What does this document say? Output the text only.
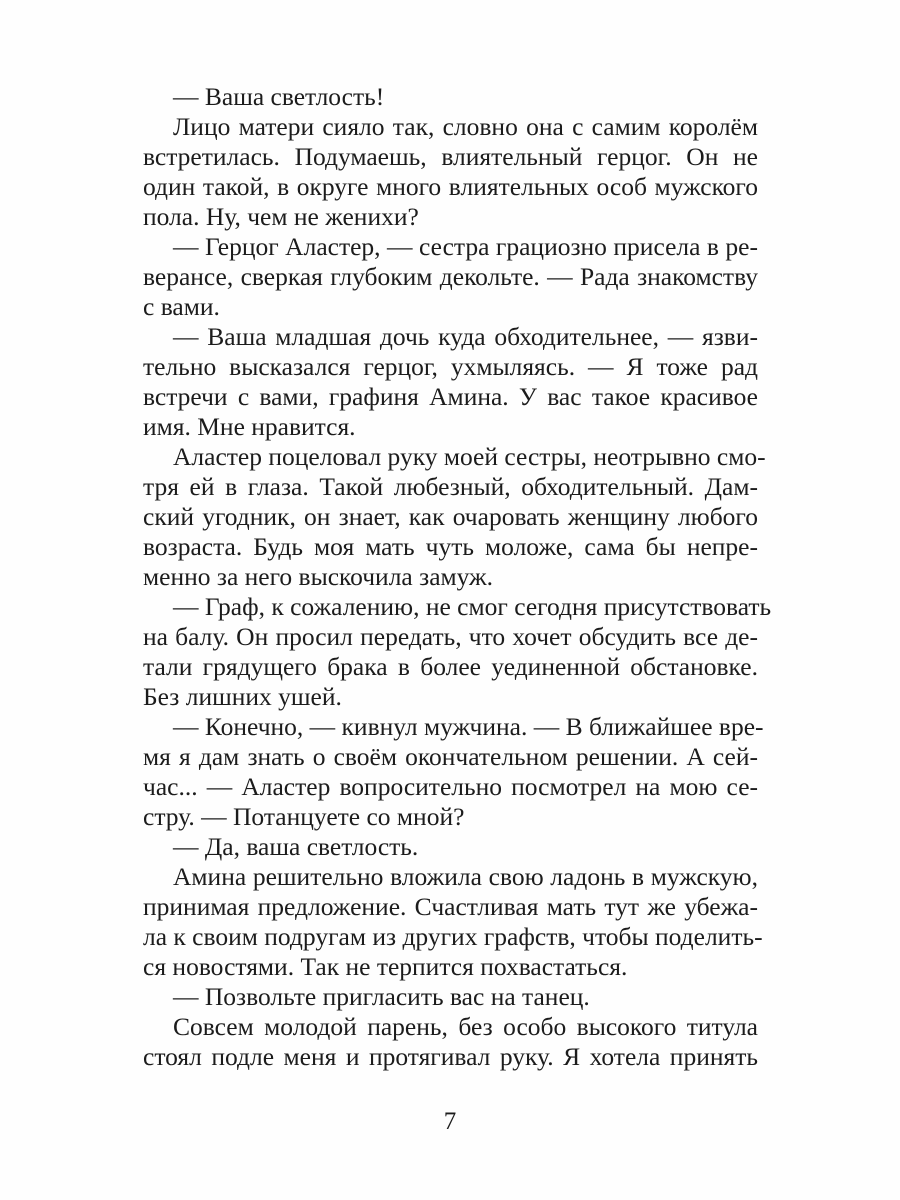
— Ваша светлость!
Лицо матери сияло так, словно она с самим королём
встретилась. Подумаешь, влиятельный герцог. Он не
один такой, в округе много влиятельных особ мужского
пола. Ну, чем не женихи?
— Герцог Аластер, — сестра грациозно присела в ре-
верансе, сверкая глубоким декольте. — Рада знакомству
с вами.
— Ваша младшая дочь куда обходительнее, — язви-
тельно высказался герцог, ухмыляясь. — Я тоже рад
встречи с вами, графиня Амина. У вас такое красивое
имя. Мне нравится.
Аластер поцеловал руку моей сестры, неотрывно смо-
тря ей в глаза. Такой любезный, обходительный. Дам-
ский угодник, он знает, как очаровать женщину любого
возраста. Будь моя мать чуть моложе, сама бы непре-
менно за него выскочила замуж.
— Граф, к сожалению, не смог сегодня присутствовать
на балу. Он просил передать, что хочет обсудить все де-
тали грядущего брака в более уединенной обстановке.
Без лишних ушей.
— Конечно, — кивнул мужчина. — В ближайшее вре-
мя я дам знать о своём окончательном решении. А сей-
час... — Аластер вопросительно посмотрел на мою се-
стру. — Потанцуете со мной?
— Да, ваша светлость.
Амина решительно вложила свою ладонь в мужскую,
принимая предложение. Счастливая мать тут же убежа-
ла к своим подругам из других графств, чтобы поделить-
ся новостями. Так не терпится похвастаться.
— Позвольте пригласить вас на танец.
Совсем молодой парень, без особо высокого титула
стоял подле меня и протягивал руку. Я хотела принять
7
